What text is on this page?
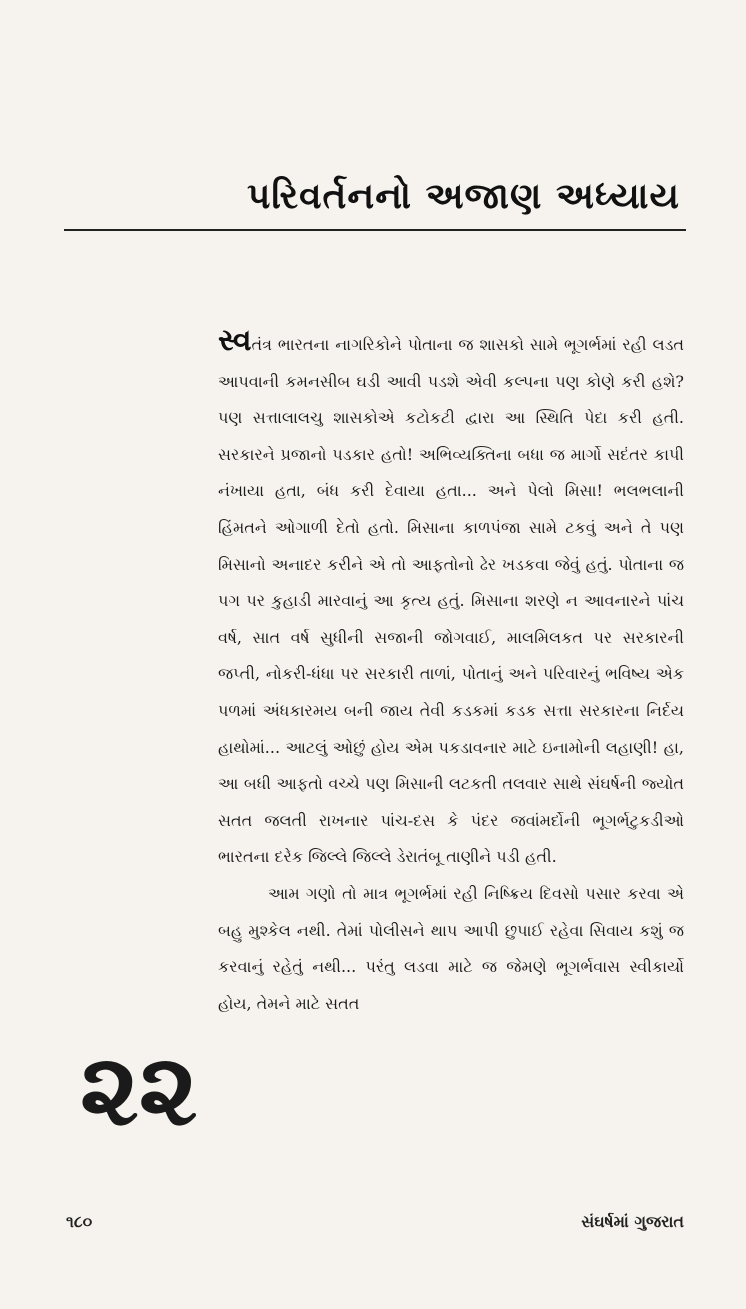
પરિવર્તનનો અજાણ અધ્યાય

સ્વતંત્ર ભારતના નાગરિકોને પોતાના જ શાસકો સામે ભૂગર્ભમાં રહી લડત આપવાની કમનસીબ ઘડી આવી પડશે એવી કલ્પના પણ કોણે કરી હશે? પણ સત્તાલાલચુ શાસકોએ કટોકટી દ્વારા આ સ્થિતિ પેદા કરી હતી. સરકારને પ્રજાનો પડકાર હતો! અભિવ્યક્તિના બધા જ માર્ગો સદંતર કાપી નંખાયા હતા, બંધ કરી દેવાયા હતા... અને પેલો મિસા! ભલભલાની હિંમતને ઓગાળી દેતો હતો. મિસાના કાળપંજા સામે ટકવું અને તે પણ મિસાનો અનાદર કરીને એ તો આફતોનો ઢેર ખડકવા જેવું હતું. પોતાના જ પગ પર કુહાડી મારવાનું આ કૃત્ય હતું. મિસાના શરણે ન આવનારને પાંચ વર્ષ, સાત વર્ષ સુધીની સજાની જોગવાઈ, માલમિલકત પર સરકારની જપ્તી, નોકરી-ધંધા પર સરકારી તાળાં, પોતાનું અને પરિવારનું ભવિષ્ય એક પળમાં અંધકારમય બની જાય તેવી કડકમાં કડક સત્તા સરકારના નિર્દય હાથોમાં... આટલું ઓછું હોય એમ પકડાવનાર માટે ઇનામોની લહાણી! હા, આ બધી આફતો વચ્ચે પણ મિસાની લટકતી તલવાર સાથે સંઘર્ષની જ્યોત સતત જલતી રાખનાર પાંચ-દસ કે પંદર જવાંમર્દોની ભૂગર્ભટુકડીઓ ભારતના દરેક જિલ્લે જિલ્લે ડેરાતંબૂ તાણીને પડી હતી.

આમ ગણો તો માત્ર ભૂગર્ભમાં રહી નિષ્ક્રિય દિવસો પસાર કરવા એ બહુ મુશ્કેલ નથી. તેમાં પોલીસને થાપ આપી છુપાઈ રહેવા સિવાય કશું જ કરવાનું રહેતું નથી... પરંતુ લડવા માટે જ જેમણે ભૂગર્ભવાસ સ્વીકાર્યો હોય, તેમને માટે સતત

૨૨
૧૮૦	સંઘર્ષમાં ગુજરાત
